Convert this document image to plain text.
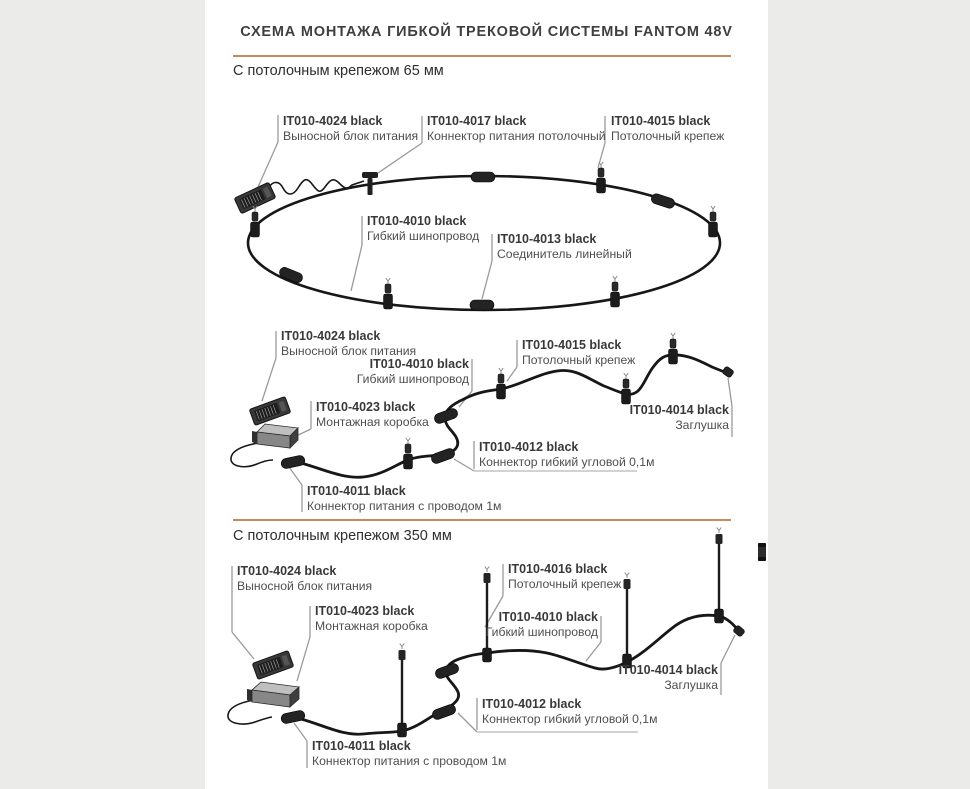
СХЕМА МОНТАЖА ГИБКОЙ ТРЕКОВОЙ СИСТЕМЫ FANTOM 48V
С потолочным крепежом 65 мм
С потолочным крепежом 350 мм
IT010-4024 black
Выносной блок питания
IT010-4017 black
Коннектор питания потолочный
IT010-4015 black
Потолочный крепеж
IT010-4010 black
Гибкий шинопровод IT010-4013 black
Соединитель линейный
IT010-4024 black
Выносной блок питания
IT010-4023 black
Монтажная коробка
IT010-4010 black
Гибкий шинопровод
IT010-4015 black
Потолочный крепеж
IT010-4014 black
Заглушка
IT010-4012 black
Коннектор гибкий угловой 0,1м
IT010-4011 black
Коннектор питания с проводом 1м
IT010-4024 black
Выносной блок питания
IT010-4023 black
Монтажная коробка
IT010-4016 black
Потолочный крепеж
IT010-4010 black
Гибкий шинопровод
IT010-4014 black
Заглушка
IT010-4012 black
Коннектор гибкий угловой 0,1м
IT010-4011 black
Коннектор питания с проводом 1м
